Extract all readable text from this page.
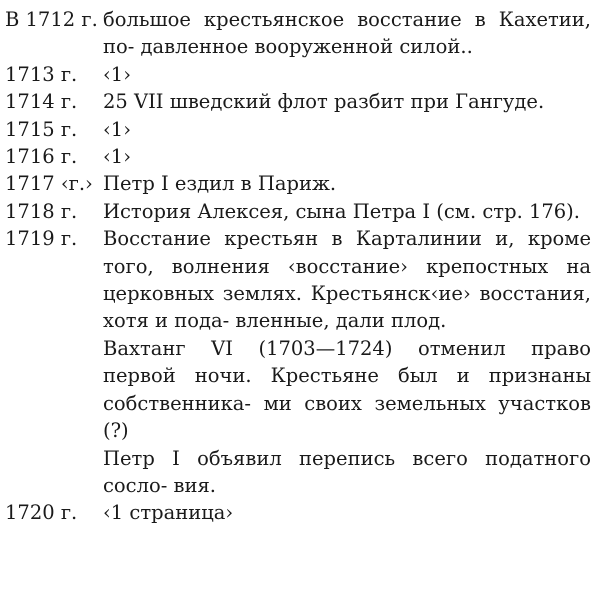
В 1712 г. большое крестьянское восстание в Кахетии, по- давленное вооруженной силой..

1713 г.	‹1›

1714 г.	25 VII шведский флот разбит при Гангуде.

1715 г.	‹1›

1716 г.	‹1›

1717 ‹г.› Петр I ездил в Париж.

1718 г.	История Алексея, сына Петра I (см. стр. 176).

1719 г.	Восстание крестьян в Карталинии и, кроме того, волнения ‹восстание› крепостных на церковных землях. Крестьянск‹ие› восстания, хотя и пода- вленные, дали плод.

Вахтанг VI (1703—1724) отменил право первой ночи. Крестьяне был и признаны собственника- ми своих земельных участков (?)

Петр I объявил перепись всего податного сосло- вия.

1720 г.	‹1 страница›
